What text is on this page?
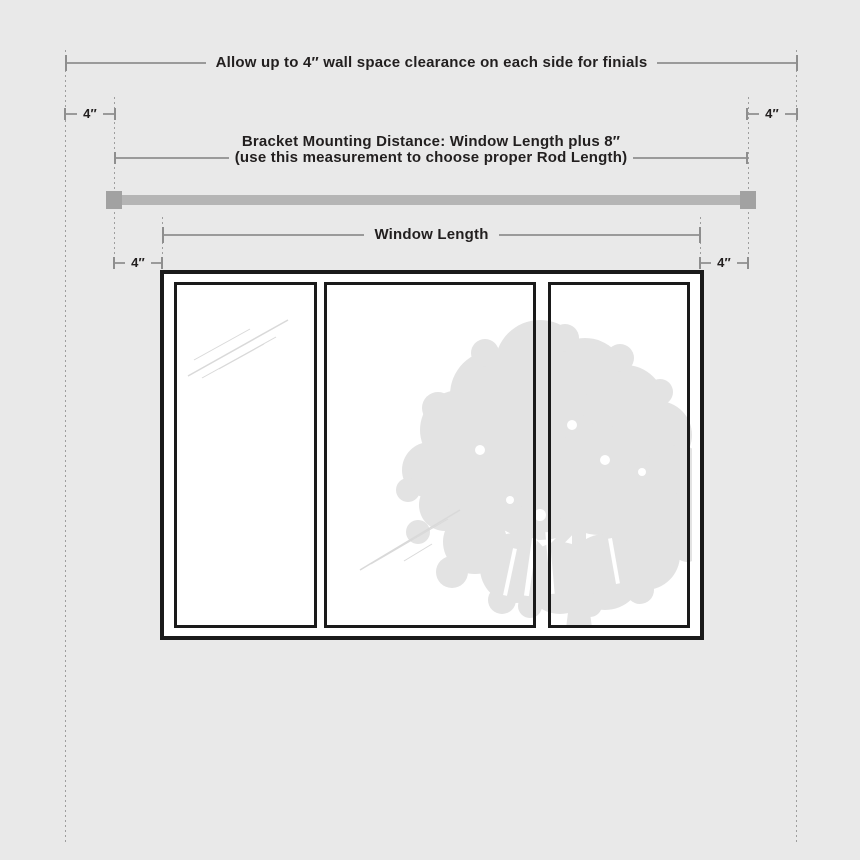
Allow up to 4″ wall space clearance on each side for finials
4″	4″
Bracket Mounting Distance: Window Length plus 8″
(use this measurement to choose proper Rod Length)
Window Length
4″	4″
